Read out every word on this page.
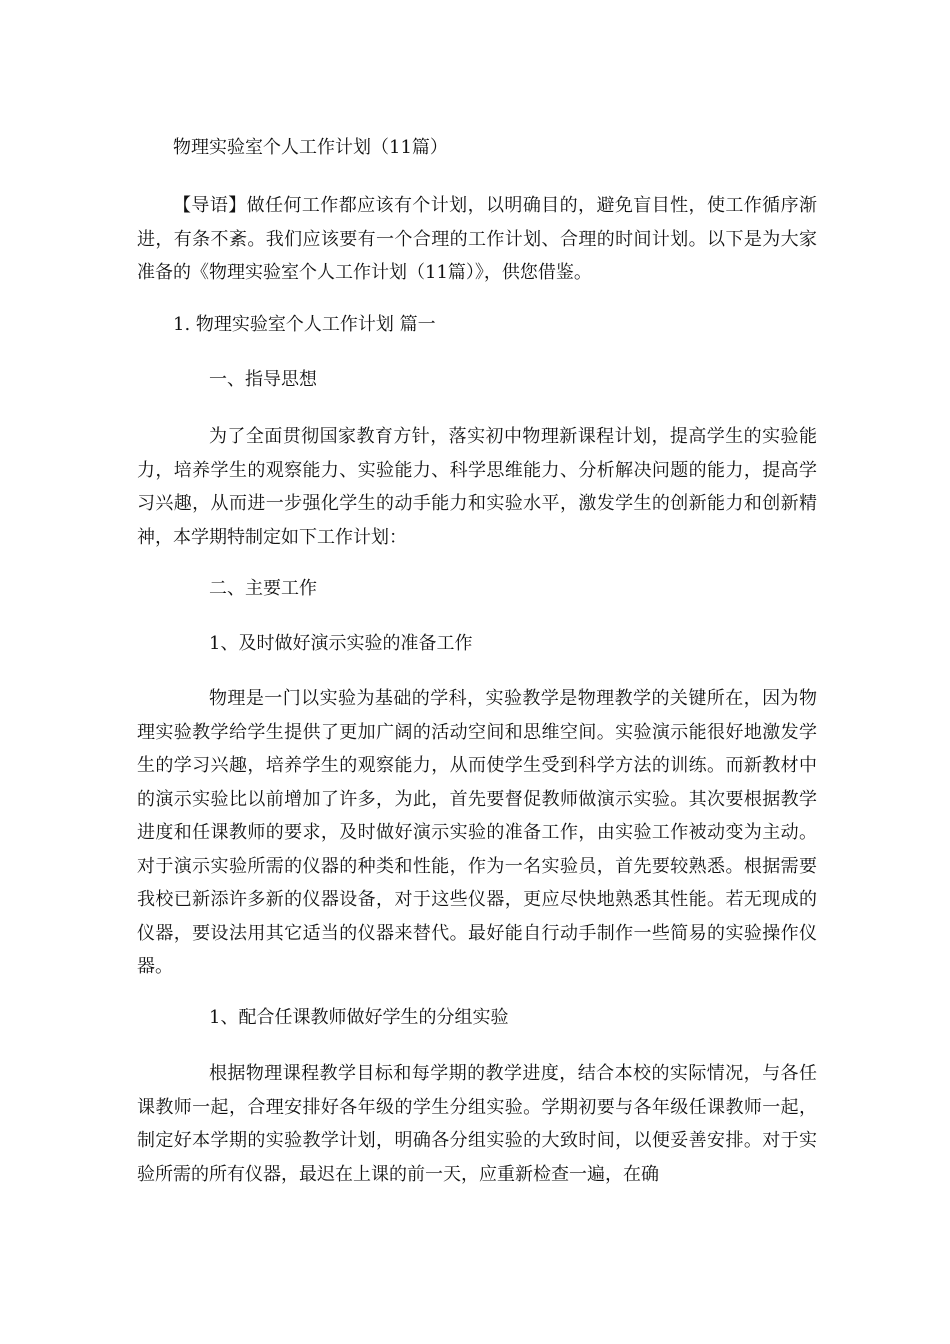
物理实验室个人工作计划（11篇）

【导语】做任何工作都应该有个计划，以明确目的，避免盲目性，使工作循序渐进，有条不紊。我们应该要有一个合理的工作计划、合理的时间计划。以下是为大家准备的《物理实验室个人工作计划（11篇）》，供您借鉴。

1. 物理实验室个人工作计划 篇一

一、指导思想

为了全面贯彻国家教育方针，落实初中物理新课程计划，提高学生的实验能力，培养学生的观察能力、实验能力、科学思维能力、分析解决问题的能力，提高学习兴趣，从而进一步强化学生的动手能力和实验水平，激发学生的创新能力和创新精神，本学期特制定如下工作计划：

二、主要工作

1、及时做好演示实验的准备工作

物理是一门以实验为基础的学科，实验教学是物理教学的关键所在，因为物理实验教学给学生提供了更加广阔的活动空间和思维空间。实验演示能很好地激发学生的学习兴趣，培养学生的观察能力，从而使学生受到科学方法的训练。而新教材中的演示实验比以前增加了许多，为此，首先要督促教师做演示实验。其次要根据教学进度和任课教师的要求，及时做好演示实验的准备工作，由实验工作被动变为主动。对于演示实验所需的仪器的种类和性能，作为一名实验员，首先要较熟悉。根据需要我校已新添许多新的仪器设备，对于这些仪器，更应尽快地熟悉其性能。若无现成的仪器，要设法用其它适当的仪器来替代。最好能自行动手制作一些简易的实验操作仪器。

1、配合任课教师做好学生的分组实验

根据物理课程教学目标和每学期的教学进度，结合本校的实际情况，与各任课教师一起，合理安排好各年级的学生分组实验。学期初要与各年级任课教师一起，制定好本学期的实验教学计划，明确各分组实验的大致时间，以便妥善安排。对于实验所需的所有仪器，最迟在上课的前一天，应重新检查一遍，在确
